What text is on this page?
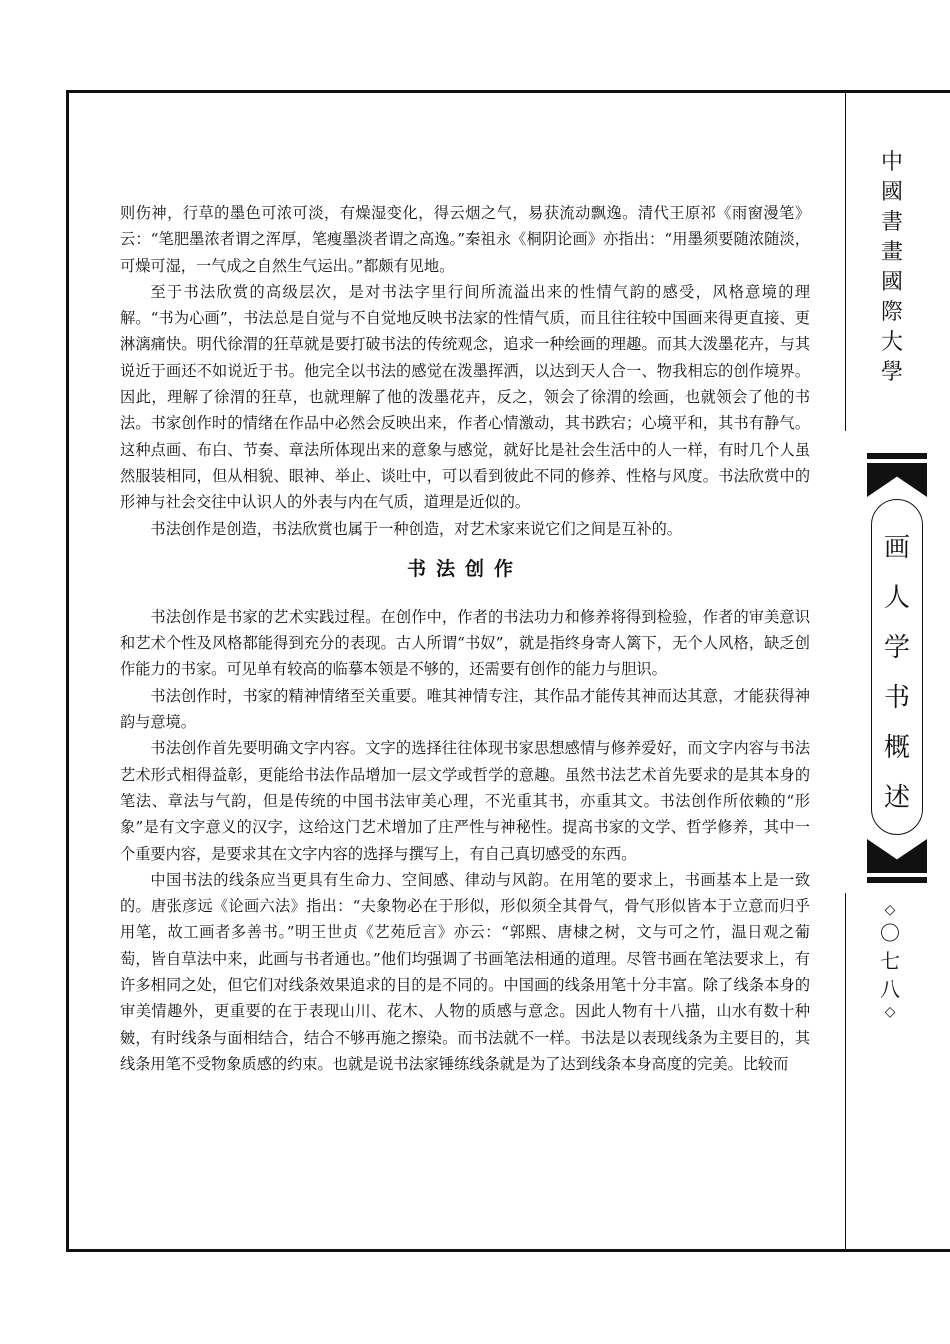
中
國
書
畫
國
際
大
學
画
人
学
书
概
述
◇
〇
七
八
◇

则伤神，行草的墨色可浓可淡，有燥湿变化，得云烟之气，易获流动飘逸。清代王原祁《雨窗漫笔》云：“笔肥墨浓者谓之浑厚，笔瘦墨淡者谓之高逸。”秦祖永《桐阴论画》亦指出：“用墨须要随浓随淡，可燥可湿，一气成之自然生气运出。”都颇有见地。

至于书法欣赏的高级层次，是对书法字里行间所流溢出来的性情气韵的感受，风格意境的理解。“书为心画”，书法总是自觉与不自觉地反映书法家的性情气质，而且往往较中国画来得更直接、更淋漓痛快。明代徐渭的狂草就是要打破书法的传统观念，追求一种绘画的理趣。而其大泼墨花卉，与其说近于画还不如说近于书。他完全以书法的感觉在泼墨挥洒，以达到天人合一、物我相忘的创作境界。因此，理解了徐渭的狂草，也就理解了他的泼墨花卉，反之，领会了徐渭的绘画，也就领会了他的书法。书家创作时的情绪在作品中必然会反映出来，作者心情激动，其书跌宕；心境平和，其书有静气。这种点画、布白、节奏、章法所体现出来的意象与感觉，就好比是社会生活中的人一样，有时几个人虽然服装相同，但从相貌、眼神、举止、谈吐中，可以看到彼此不同的修养、性格与风度。书法欣赏中的形神与社会交往中认识人的外表与内在气质，道理是近似的。

书法创作是创造，书法欣赏也属于一种创造，对艺术家来说它们之间是互补的。

书法创作

书法创作是书家的艺术实践过程。在创作中，作者的书法功力和修养将得到检验，作者的审美意识和艺术个性及风格都能得到充分的表现。古人所谓“书奴”，就是指终身寄人篱下，无个人风格，缺乏创作能力的书家。可见单有较高的临摹本领是不够的，还需要有创作的能力与胆识。

书法创作时，书家的精神情绪至关重要。唯其神情专注，其作品才能传其神而达其意，才能获得神韵与意境。

书法创作首先要明确文字内容。文字的选择往往体现书家思想感情与修养爱好，而文字内容与书法艺术形式相得益彰，更能给书法作品增加一层文学或哲学的意趣。虽然书法艺术首先要求的是其本身的笔法、章法与气韵，但是传统的中国书法审美心理，不光重其书，亦重其文。书法创作所依赖的“形象”是有文字意义的汉字，这给这门艺术增加了庄严性与神秘性。提高书家的文学、哲学修养，其中一个重要内容，是要求其在文字内容的选择与撰写上，有自己真切感受的东西。

中国书法的线条应当更具有生命力、空间感、律动与风韵。在用笔的要求上，书画基本上是一致的。唐张彦远《论画六法》指出：“夫象物必在于形似，形似须全其骨气，骨气形似皆本于立意而归乎用笔，故工画者多善书。”明王世贞《艺苑卮言》亦云：“郭熙、唐棣之树，文与可之竹，温日观之葡萄，皆自草法中来，此画与书者通也。”他们均强调了书画笔法相通的道理。尽管书画在笔法要求上，有许多相同之处，但它们对线条效果追求的目的是不同的。中国画的线条用笔十分丰富。除了线条本身的审美情趣外，更重要的在于表现山川、花木、人物的质感与意念。因此人物有十八描，山水有数十种皴，有时线条与面相结合，结合不够再施之擦染。而书法就不一样。书法是以表现线条为主要目的，其线条用笔不受物象质感的约束。也就是说书法家锤练线条就是为了达到线条本身高度的完美。比较而
